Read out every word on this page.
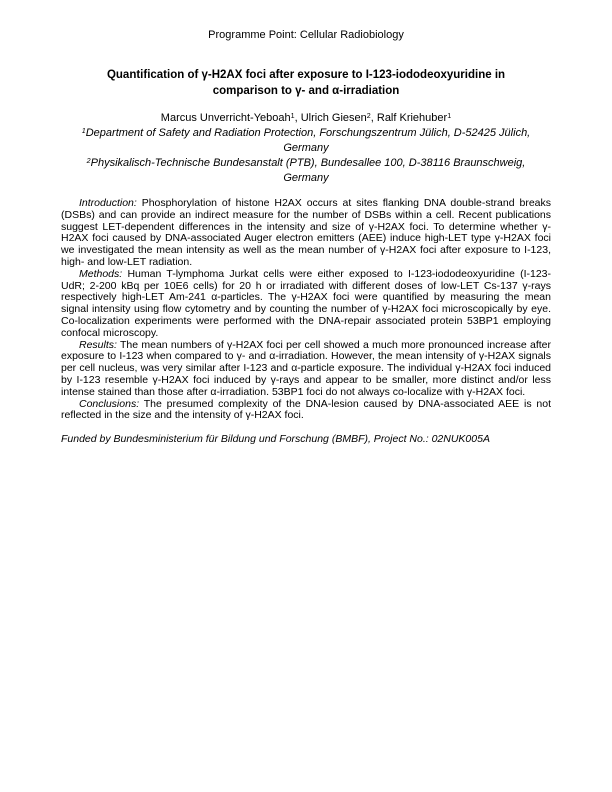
Programme Point: Cellular Radiobiology
Quantification of γ-H2AX foci after exposure to I-123-iododeoxyuridine in comparison to γ- and α-irradiation
Marcus Unverricht-Yeboah$^1$, Ulrich Giesen$^2$, Ralf Kriehuber$^1$
$^1$Department of Safety and Radiation Protection, Forschungszentrum Jülich, D-52425 Jülich, Germany
$^2$Physikalisch-Technische Bundesanstalt (PTB), Bundesallee 100, D-38116 Braunschweig, Germany

Introduction: Phosphorylation of histone H2AX occurs at sites flanking DNA double-strand breaks (DSBs) and can provide an indirect measure for the number of DSBs within a cell. Recent publications suggest LET-dependent differences in the intensity and size of γ-H2AX foci. To determine whether γ-H2AX foci caused by DNA-associated Auger electron emitters (AEE) induce high-LET type γ-H2AX foci we investigated the mean intensity as well as the mean number of γ-H2AX foci after exposure to I-123, high- and low-LET radiation.

Methods: Human T-lymphoma Jurkat cells were either exposed to I-123-iododeoxyuridine (I-123-UdR; 2-200 kBq per 10E6 cells) for 20 h or irradiated with different doses of low-LET Cs-137 γ-rays respectively high-LET Am-241 α-particles. The γ-H2AX foci were quantified by measuring the mean signal intensity using flow cytometry and by counting the number of γ-H2AX foci microscopically by eye. Co-localization experiments were performed with the DNA-repair associated protein 53BP1 employing confocal microscopy.

Results: The mean numbers of γ-H2AX foci per cell showed a much more pronounced increase after exposure to I-123 when compared to γ- and α-irradiation. However, the mean intensity of γ-H2AX signals per cell nucleus, was very similar after I-123 and α-particle exposure. The individual γ-H2AX foci induced by I-123 resemble γ-H2AX foci induced by γ-rays and appear to be smaller, more distinct and/or less intense stained than those after α-irradiation. 53BP1 foci do not always co-localize with γ-H2AX foci.

Conclusions: The presumed complexity of the DNA-lesion caused by DNA-associated AEE is not reflected in the size and the intensity of γ-H2AX foci.

Funded by Bundesministerium für Bildung und Forschung (BMBF), Project No.: 02NUK005A
